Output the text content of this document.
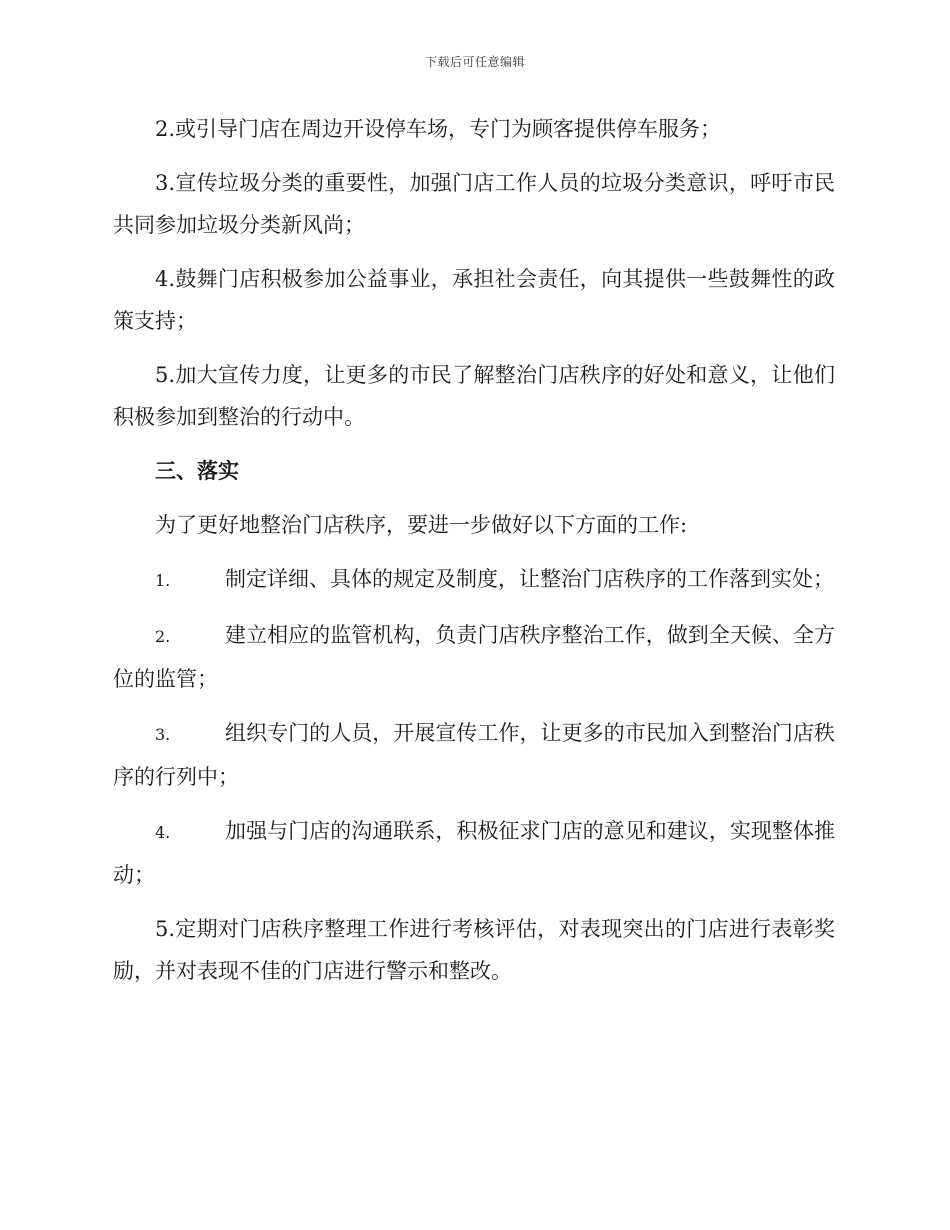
下载后可任意编辑

2.或引导门店在周边开设停车场，专门为顾客提供停车服务；

3.宣传垃圾分类的重要性，加强门店工作人员的垃圾分类意识，呼吁市民共同参加垃圾分类新风尚；

4.鼓舞门店积极参加公益事业，承担社会责任，向其提供一些鼓舞性的政策支持；

5.加大宣传力度，让更多的市民了解整治门店秩序的好处和意义，让他们积极参加到整治的行动中。

三、落实

为了更好地整治门店秩序，要进一步做好以下方面的工作:

1.	制定详细、具体的规定及制度，让整治门店秩序的工作落到实处；

2.	建立相应的监管机构，负责门店秩序整治工作，做到全天候、全方位的监管；

3.	组织专门的人员，开展宣传工作，让更多的市民加入到整治门店秩序的行列中；

4.	加强与门店的沟通联系，积极征求门店的意见和建议，实现整体推动；

5.定期对门店秩序整理工作进行考核评估，对表现突出的门店进行表彰奖励，并对表现不佳的门店进行警示和整改。
